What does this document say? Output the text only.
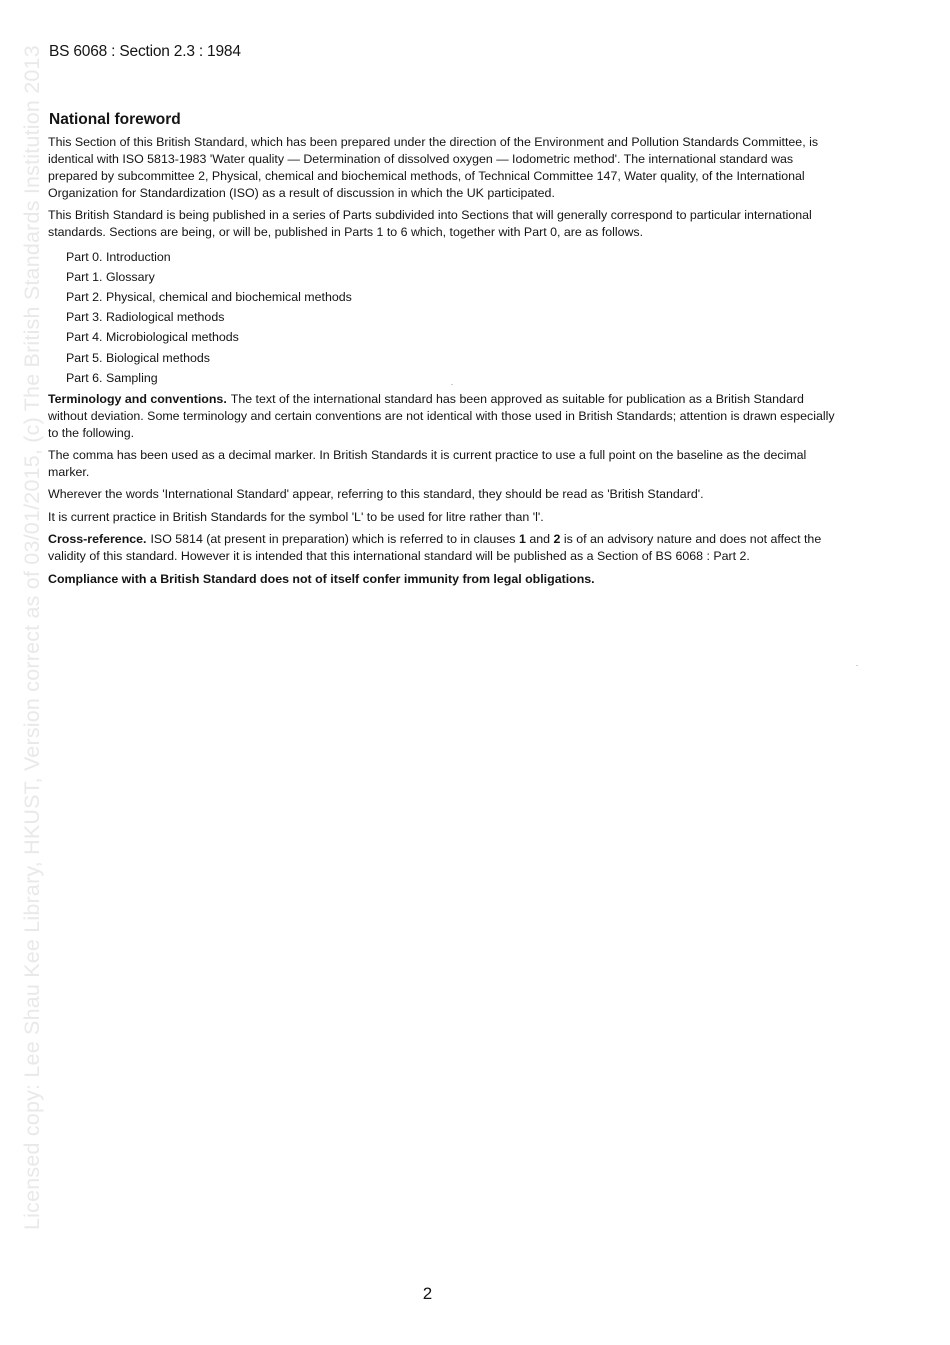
Licensed copy: Lee Shau Kee Library, HKUST, Version correct as of 03/01/2015, (c) The British Standards Institution 2013 BS 6068 : Section 2.3 : 1984
National foreword

This Section of this British Standard, which has been prepared under the direction of the Environment and Pollution Standards Committee, is identical with ISO 5813-1983 'Water quality — Determination of dissolved oxygen — Iodometric method'. The international standard was prepared by subcommittee 2, Physical, chemical and biochemical methods, of Technical Committee 147, Water quality, of the International Organization for Standardization (ISO) as a result of discussion in which the UK participated.

This British Standard is being published in a series of Parts subdivided into Sections that will generally correspond to particular international standards. Sections are being, or will be, published in Parts 1 to 6 which, together with Part 0, are as follows.

Part 0. Introduction
Part 1. Glossary
Part 2. Physical, chemical and biochemical methods
Part 3. Radiological methods
Part 4. Microbiological methods
Part 5. Biological methods
Part 6. Sampling

Terminology and conventions. The text of the international standard has been approved as suitable for publication as a British Standard without deviation. Some terminology and certain conventions are not identical with those used in British Standards; attention is drawn especially to the following.

The comma has been used as a decimal marker. In British Standards it is current practice to use a full point on the baseline as the decimal marker.

Wherever the words 'International Standard' appear, referring to this standard, they should be read as 'British Standard'.

It is current practice in British Standards for the symbol 'L' to be used for litre rather than 'l'.

Cross-reference. ISO 5814 (at present in preparation) which is referred to in clauses 1 and 2 is of an advisory nature and does not affect the validity of this standard. However it is intended that this international standard will be published as a Section of BS 6068 : Part 2.

Compliance with a British Standard does not of itself confer immunity from legal obligations.

2
